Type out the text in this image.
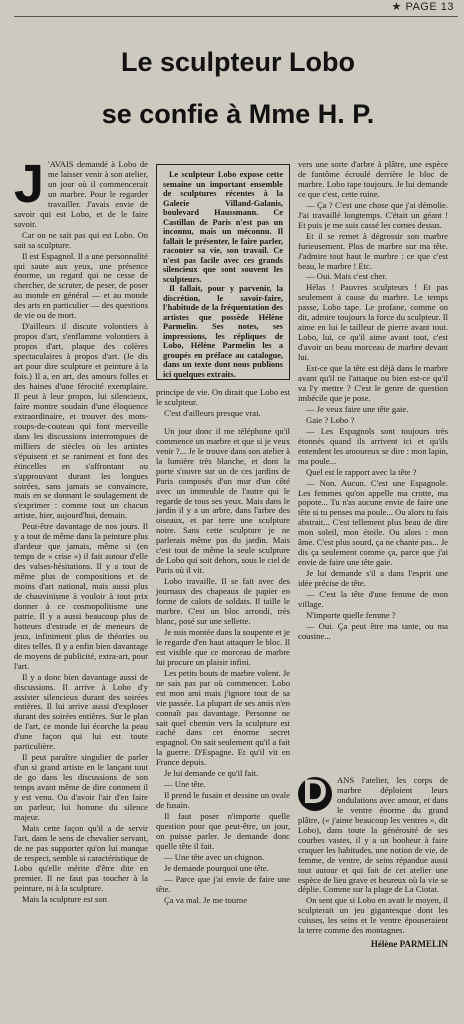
★ PAGE 13
Le sculpteur Lobo
se confie à Mme H. P.

Le sculpteur Lobo expose cette semaine un important ensemble de sculptures récentes à la Galerie Villand-Galanis, boulevard Haussmann. Ce Castillan de Paris n'est pas un inconnu, mais un méconnu. Il fallait le présenter, le faire parler, raconter sa vie, son travail. Ce n'est pas facile avec ces grands silencieux que sont souvent les sculpteurs.

Il fallait, pour y parvenir, la discrétion, le savoir-faire, l'habitude de la fréquentation des artistes que possède Hélène Parmelin. Ses notes, ses impressions, les répliques de Lobo, Hélène Parmelin les a groupés en préface au catalogue, dans un texte dont nous publions ici quelques extraits.

J 'AVAIS demandé à Lobo de me laisser venir à son atelier, un jour où il commencerait un marbre. Pour le regarder travailler. J'avais envie de savoir qui est Lobo, et de le faire savoir.

Car on ne sait pas qui est Lobo. On sait sa sculpture.

Il est Espagnol. Il a une personnalité qui saute aux yeux, une présence énorme, un regard qui ne cesse de chercher, de scruter, de peser, de poser au monde en général — et au monde des arts en particulier — des questions de vie ou de mort.

D'ailleurs il discute volontiers à propos d'art, s'enflamme volontiers à propos d'art, plaque des colères spectaculaires à propos d'art. (Je dis art pour dire sculpture et peinture à la fois.) Il a, en art, des amours folles et des haines d'une férocité exemplaire. Il peut à leur propos, lui silencieux, faire montre soudain d'une éloquence extraordinaire, et trouver des mots-coups-de-couteau qui font merveille dans les discussions interrompues de milliers de siècles où les artistes s'épuisent et se raniment et font des étincelles en s'affrontant ou s'approuvant durant les longues soirées, sans jamais se convaincre, mais en se donnant le soulagement de s'exprimer : comme tout un chacun artiste, hier, aujourd'hui, demain.

Peut-être davantage de nos jours. Il y a tout de même dans la peinture plus d'ardeur que jamais, même si (en temps de « crise ») il fait autour d'elle des valses-hésitations. Il y a tout de même plus de compositions et de moins d'art national, mais aussi plus de chauvinisme à vouloir à tout prix donner à ce cosmopolitisme une patrie. Il y a aussi beaucoup plus de batteurs d'estrade et de meneurs de jeux, infiniment plus de théories ou dites telles. Il y a enfin bien davantage de moyens de publicité, extra-art, pour l'art.

Il y a donc bien davantage aussi de discussions. Il arrive à Lobo d'y assister silencieux durant des soirées entières. Il lui arrive aussi d'exploser durant des soirées entières. Sur le plan de l'art, ce monde lui écorche la peau d'une façon qui lui est toute particulière.

Il peut paraître singulier de parler d'un si grand artiste en le lançant tout de go dans les discussions de son temps avant même de dire comment il y est venu. Ou d'avoir l'air d'en faire un parleur, lui homme du silence majeur.

Mais cette façon qu'il a de servir l'art, dans le sens de chevalier servant, de ne pas supporter qu'on lui manque de respect, semble si caractéristique de Lobo qu'elle mérite d'être dite en premier. Il ne faut pas toucher à la peinture, ni à la sculpture.

Mais la sculpture est son

principe de vie. On dirait que Lobo est le sculpteur.

C'est d'ailleurs presque vrai.

Un jour donc il me téléphone qu'il commence un marbre et que si je veux venir ?... Je le trouve dans son atelier à la lumière très blanche, et dont la porte s'ouvre sur un de ces jardins de Paris composés d'un mur d'un côté avec un immeuble de l'autre qui le regarde de tous ses yeux. Mais dans le jardin il y a un arbre, dans l'arbre des oiseaux, et par terre une sculpture noire. Sans cette sculpture je ne parlerais même pas du jardin. Mais c'est tout de même la seule sculpture de Lobo qui soit dehors, sous le ciel de Paris où il vit.

Lobo travaille. Il se fait avec des journaux des chapeaux de papier en forme de calots de soldats. Il taille le marbre. C'est un bloc arrondi, très blanc, posé sur une sellette.

Je suis montée dans la soupente et je le regarde d'en haut attaquer le bloc. Il est visible que ce morceau de marbre lui procure un plaisir infini.

Les petits bouts de marbre volent. Je ne sais pas par où commencer. Lobo est mon ami mais j'ignore tout de sa vie passée. La plupart de ses amis n'en connaît pas davantage. Personne ne sait quel chemin vers la sculpture est caché dans cet énorme secret espagnol. On sait seulement qu'il a fait la guerre. D'Espagne. Et qu'il vit en France depuis.

Je lui demande ce qu'il fait.

— Une tête.

Il prend le fusain et dessine un ovale de fusain.

Il faut poser n'importe quelle question pour que peut-être, un jour, on puisse parler. Je demande donc quelle tête il fait.

— Une tête avec un chignon.

Je demande pourquoi une tête.

— Parce que j'ai envie de faire une tête.

Ça va mal. Je me tourne

vers une sorte d'arbre à plâtre, une espèce de fantôme écroulé derrière le bloc de marbre. Lobo tape toujours. Je lui demande ce que c'est, cette ruine.

— Ça ? C'est une chose que j'ai démolie. J'ai travaillé longtemps. C'était un géant ! Et puis je me suis cassé les cornes dessus.

Et il se remet à dégrossir son marbre furieusement. Plus de marbre sur ma tête. J'admire tout haut le marbre : ce que c'est beau, le marbre ! Etc.

— Oui. Mais c'est cher.

Hélas ! Pauvres sculpteurs ! Et pas seulement à cause du marbre. Le temps passe, Lobo tape. Le profane, comme on dit, admire toujours la force du sculpteur. Il aime en lui le tailleur de pierre avant tout. Lobo, lui, ce qu'il aime avant tout, c'est d'avoir un beau morceau de marbre devant lui.

Est-ce que la tête est déjà dans le marbre avant qu'il ne l'attaque ou bien est-ce qu'il va l'y mettre ? C'est le genre de question imbécile que je pose.

— Je veux faire une tête gaie.

Gaie ? Lobo ?

— Les Espagnols sont toujours très étonnés quand ils arrivent ici et qu'ils entendent les amoureux se dire : mon lapin, ma poule...

Quel est le rapport avec la tête ?

— Non. Aucun. C'est une Espagnole. Les femmes qu'on appelle ma crotte, ma popote... Tu n'as aucune envie de faire une tête si tu penses ma poule... Ou alors tu fais abstrait... C'est tellement plus beau de dire mon soleil, mon étoile. Ou alors : mon âme. C'est plus sourd, ça ne chante pas... Je dis ça seulement comme ça, parce que j'ai envie de faire une tête gaie.

Je lui demande s'il a dans l'esprit une idée précise de tête.

— C'est la tête d'une femme de mon village.

N'importe quelle femme ?

— Oui. Ça peut être ma tante, ou ma cousine...

D	ANS l'atelier, les corps de marbre déploient leurs ondulations avec amour, et dans le ventre énorme du grand plâtre, (« j'aime beaucoup les ventres », dit Lobo), dans toute la générosité de ses courbes vastes, il y a un bonheur à faire craquer les habitudes, une notion de vie, de femme, de ventre, de seins répandue aussi tout autour et qui fait de cet atelier une espèce de lieu grave et heureux où la vie se déplie. Comme sur la plage de La Ciotat.

On sent que si Lobo en avait le moyen, il sculpterait un jeu gigantesque dont les cuisses, les seins et le ventre épouseraient la terre comme des montagnes.

Hélène PARMELIN
